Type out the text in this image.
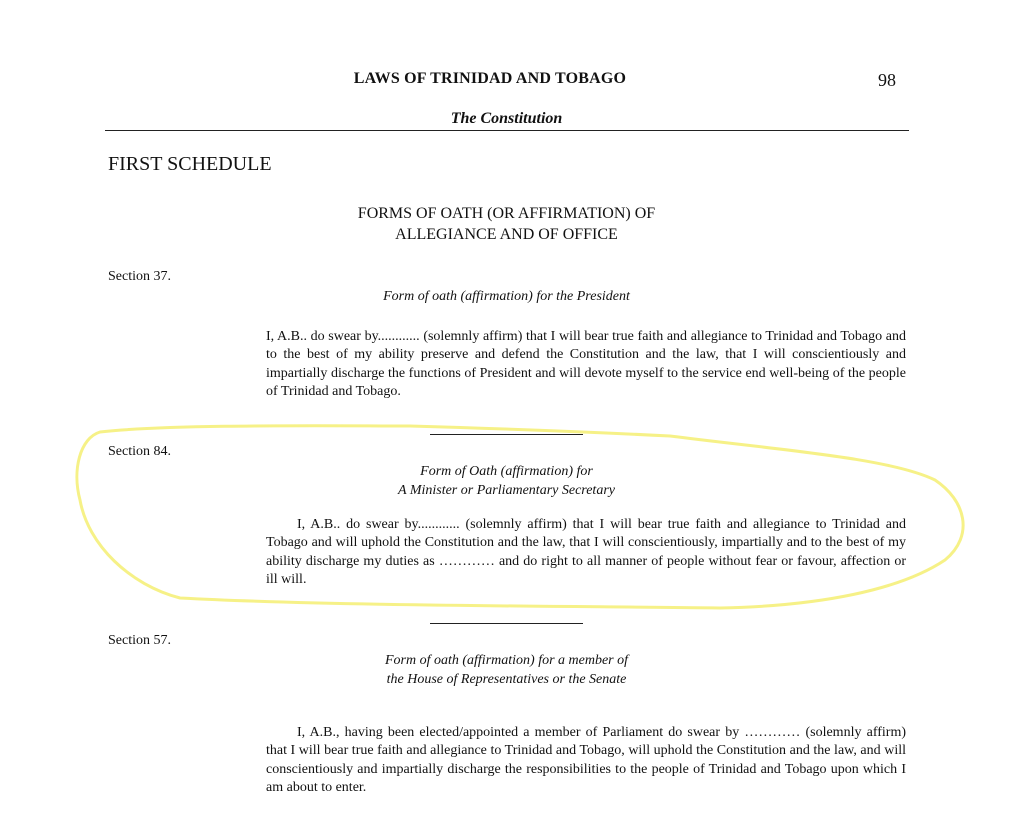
LAWS OF TRINIDAD AND TOBAGO	98
The Constitution
FIRST SCHEDULE
FORMS OF OATH (OR AFFIRMATION) OF
ALLEGIANCE AND OF OFFICE
Section 37.
Form of oath (affirmation) for the President
I, A.B.. do swear by............ (solemnly affirm) that I will bear true faith and allegiance to Trinidad and Tobago and to the best of my ability preserve and defend the Constitution and the law, that I will conscientiously and impartially discharge the functions of President and will devote myself to the service end well-being of the people of Trinidad and Tobago.
Section 84.
Form of Oath (affirmation) for
A Minister or Parliamentary Secretary
I, A.B.. do swear by............ (solemnly affirm) that I will bear true faith and allegiance to Trinidad and Tobago and will uphold the Constitution and the law, that I will conscientiously, impartially and to the best of my ability discharge my duties as ………… and do right to all manner of people without fear or favour, affection or ill will.
Section 57.
Form of oath (affirmation) for a member of
the House of Representatives or the Senate
I, A.B., having been elected/appointed a member of Parliament do swear by ………… (solemnly affirm) that I will bear true faith and allegiance to Trinidad and Tobago, will uphold the Constitution and the law, and will conscientiously and impartially discharge the responsibilities to the people of Trinidad and Tobago upon which I am about to enter.
